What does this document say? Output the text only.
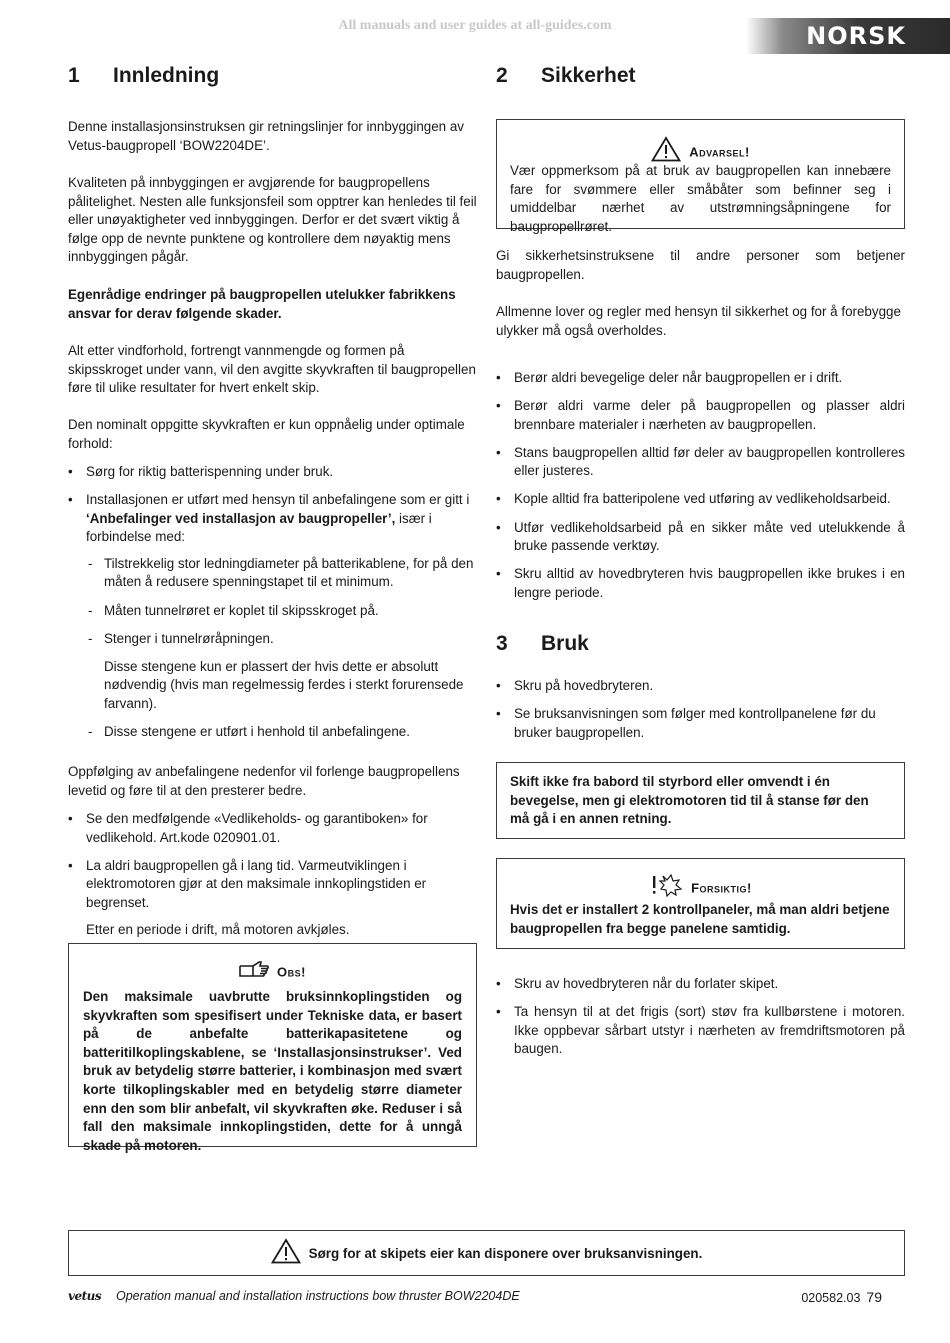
All manuals and user guides at all-guides.com	NORSK
1 Innledning

Denne installasjonsinstruksen gir retningslinjer for innbyggingen av Vetus-baugpropell ‘BOW2204DE’.

Kvaliteten på innbyggingen er avgjørende for baugpropellens pålitelighet. Nesten alle funksjonsfeil som opptrer kan henledes til feil eller unøyaktigheter ved innbyggingen. Derfor er det svært viktig å følge opp de nevnte punktene og kontrollere dem nøyaktig mens innbyggingen pågår.

Egenrådige endringer på baugpropellen utelukker fabrikkens ansvar for derav følgende skader.

Alt etter vindforhold, fortrengt vannmengde og formen på skipsskroget under vann, vil den avgitte skyvkraften til baugpropellen føre til ulike resultater for hvert enkelt skip.

Den nominalt oppgitte skyvkraften er kun oppnåelig under optimale forhold:

• Sørg for riktig batterispenning under bruk.
• Installasjonen er utført med hensyn til anbefalingene som er gitt i ‘Anbefalinger ved installasjon av baugpropeller’, især i forbindelse med:
- Tilstrekkelig stor ledningdiameter på batterikablene, for på den måten å redusere spenningstapet til et minimum.
- Måten tunnelrøret er koplet til skipsskroget på.
- Stenger i tunnelrøråpningen.
Disse stengene kun er plassert der hvis dette er absolutt nødvendig (hvis man regelmessig ferdes i sterkt forurensede farvann).
- Disse stengene er utført i henhold til anbefalingene.

Oppfølging av anbefalingene nedenfor vil forlenge baugpropellens levetid og føre til at den presterer bedre.

• Se den medfølgende «Vedlikeholds- og garantiboken» for vedlikehold. Art.kode 020901.01.
• La aldri baugpropellen gå i lang tid. Varmeutviklingen i elektromotoren gjør at den maksimale innkoplingstiden er begrenset.
Etter en periode i drift, må motoren avkjøles.
Obs!

Den maksimale uavbrutte bruksinnkoplingstiden og skyvkraften som spesifisert under Tekniske data, er basert på de anbefalte batterikapasitetene og batteritilkoplingskablene, se ‘Installasjonsinstrukser’. Ved bruk av betydelig større batterier, i kombinasjon med svært korte tilkoplingskabler med en betydelig større diameter enn den som blir anbefalt, vil skyvkraften øke. Reduser i så fall den maksimale innkoplingstiden, dette for å unngå skade på motoren.

2 Sikkerhet
Advarsel!

Vær oppmerksom på at bruk av baugpropellen kan innebære fare for svømmere eller småbåter som befinner seg i umiddelbar nærhet av utstrømningsåpningene for baugpropellrøret.

Gi sikkerhetsinstruksene til andre personer som betjener baugpropellen.

Allmenne lover og regler med hensyn til sikkerhet og for å forebygge ulykker må også overholdes.

• Berør aldri bevegelige deler når baugpropellen er i drift.
• Berør aldri varme deler på baugpropellen og plasser aldri brennbare materialer i nærheten av baugpropellen.
• Stans baugpropellen alltid før deler av baugpropellen kontrolleres eller justeres.
• Kople alltid fra batteripolene ved utføring av vedlikeholdsarbeid.
• Utfør vedlikeholdsarbeid på en sikker måte ved utelukkende å bruke passende verktøy.
• Skru alltid av hovedbryteren hvis baugpropellen ikke brukes i en lengre periode.
3 Bruk
• Skru på hovedbryteren.
• Se bruksanvisningen som følger med kontrollpanelene før du bruker baugpropellen.

Skift ikke fra babord til styrbord eller omvendt i én bevegelse, men gi elektromotoren tid til å stanse før den må gå i en annen retning.

Forsiktig!

Hvis det er installert 2 kontrollpaneler, må man aldri betjene baugpropellen fra begge panelene samtidig.

• Skru av hovedbryteren når du forlater skipet.
• Ta hensyn til at det frigis (sort) støv fra kullbørstene i motoren. Ikke oppbevar sårbart utstyr i nærheten av fremdriftsmotoren på baugen.
Sørg for at skipets eier kan disponere over bruksanvisningen.
vetus Operation manual and installation instructions bow thruster BOW2204DE	020582.03 79
